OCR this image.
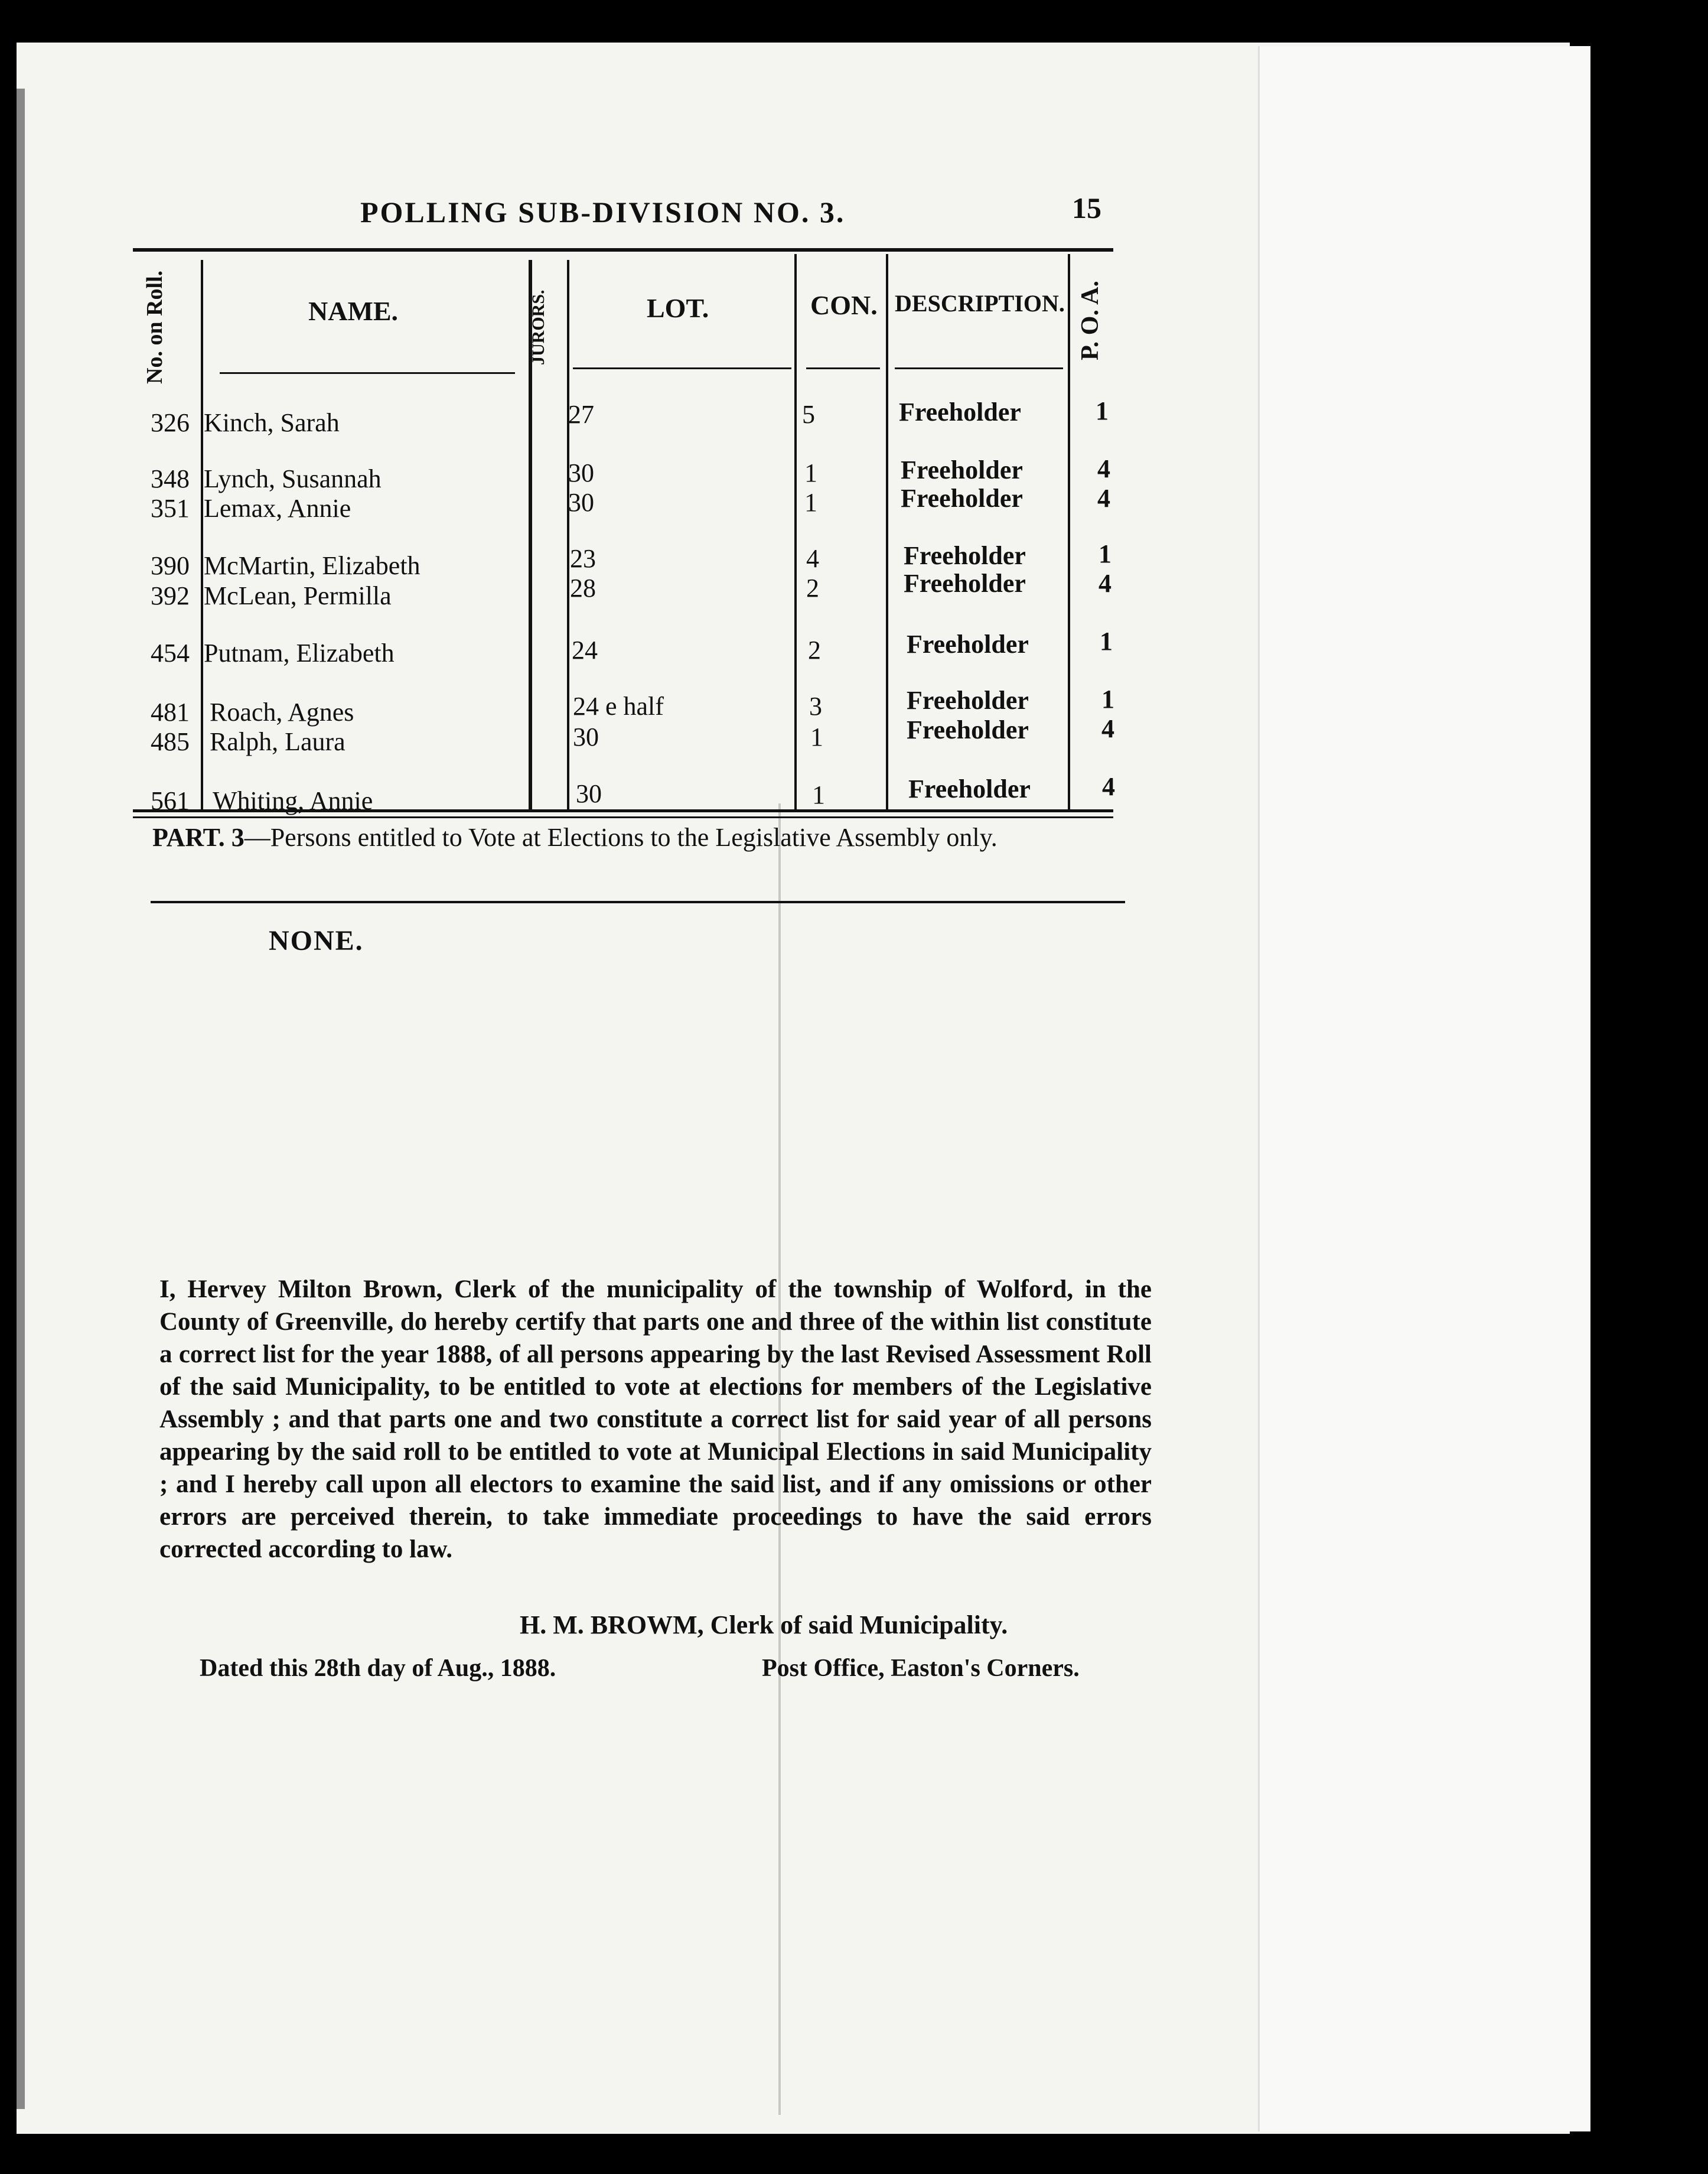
POLLING SUB-DIVISION NO. 3.	15
No. on Roll.	NAME.	JURORS.	LOT.	CON. DESCRIPTION. P. O. A.
326 Kinch, Sarah	27	5	Freeholder	1
348 Lynch, Susannah	30	1	Freeholder	4
351 Lemax, Annie	30	1	Freeholder	4
390 McMartin, Elizabeth	23	4	Freeholder	1
392 McLean, Permilla	28	2	Freeholder	4
454 Putnam, Elizabeth	24	2	Freeholder	1
481 Roach, Agnes	24 e half	3	Freeholder	1
485 Ralph, Laura	30	1	Freeholder	4
561 Whiting, Annie	30	1	Freeholder	4
PART. 3—Persons entitled to Vote at Elections to the Legislative Assembly only.
NONE.
I, Hervey Milton Brown, Clerk of the municipality of the township of Wolford, in the County of Greenville, do hereby certify that parts one and three of the within list constitute a correct list for the year 1888, of all persons appearing by the last Revised Assessment Roll of the said Municipality, to be entitled to vote at elections for members of the Legislative Assembly ; and that parts one and two constitute a correct list for said year of all persons appearing by the said roll to be entitled to vote at Municipal Elections in said Municipality ; and I hereby call upon all electors to examine the said list, and if any omissions or other errors are perceived therein, to take immediate proceedings to have the said errors corrected according to law.
H. M. BROWM, Clerk of said Municipality.
Dated this 28th day of Aug., 1888.	Post Office, Easton's Corners.
